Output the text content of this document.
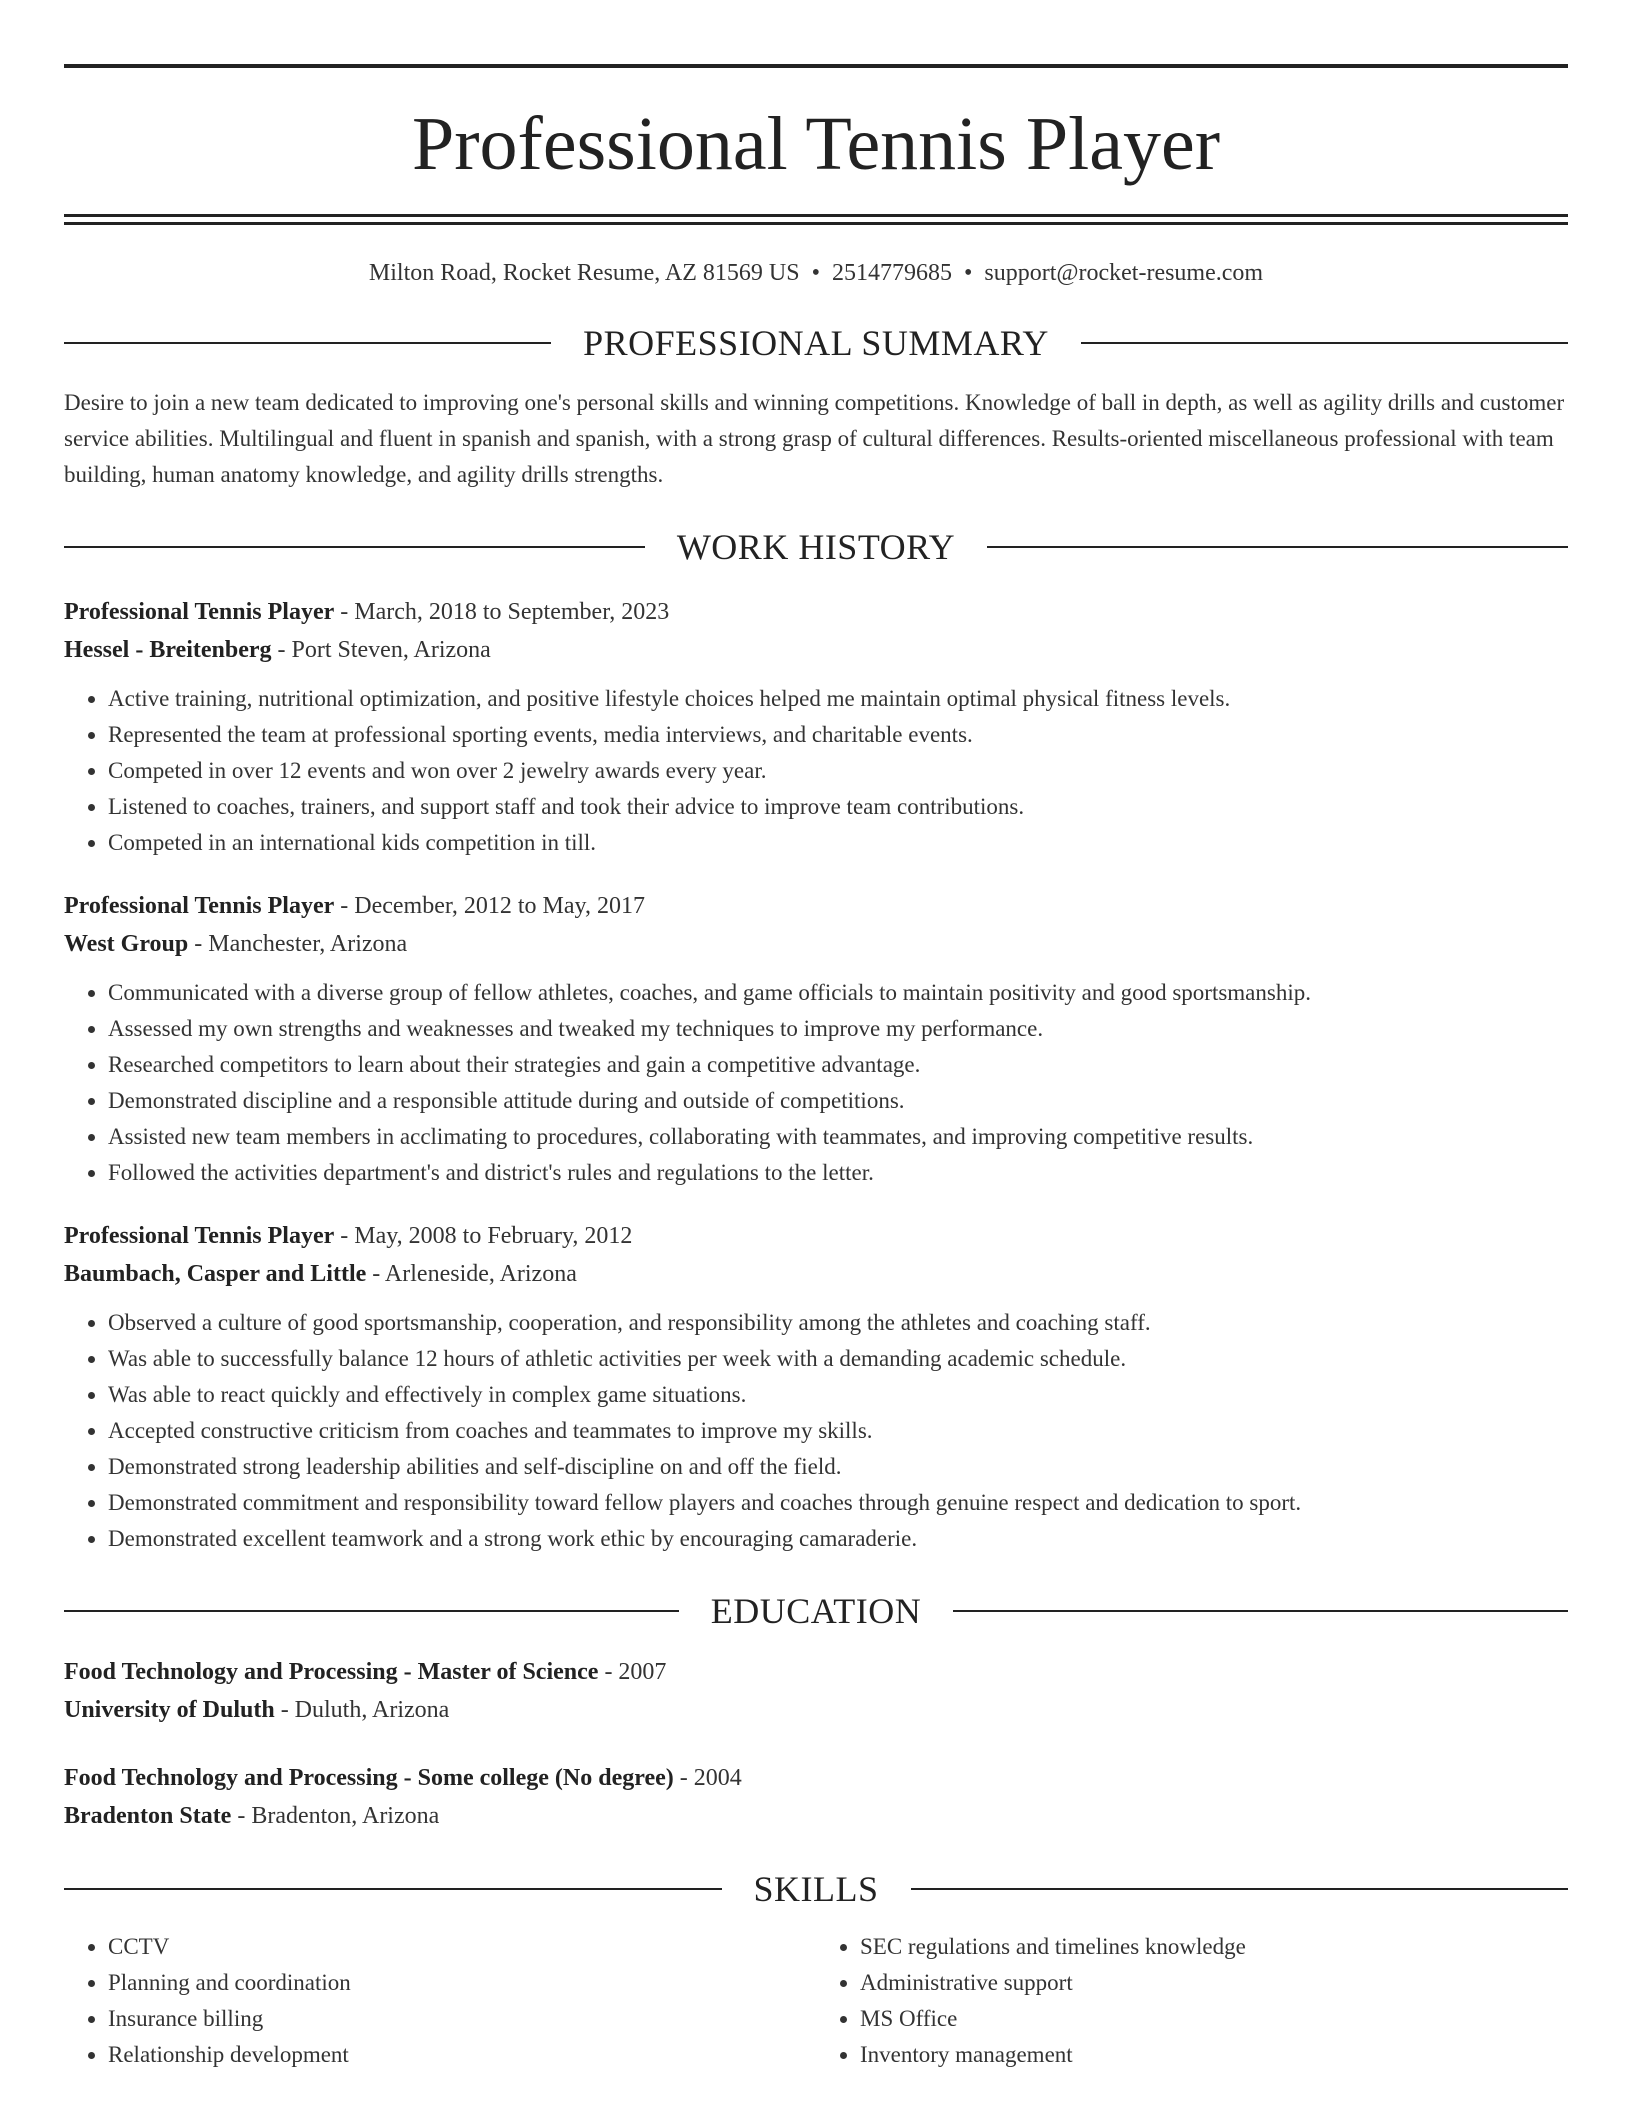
Professional Tennis Player
Milton Road, Rocket Resume, AZ 81569 US • 2514779685 • support@rocket-resume.com
PROFESSIONAL SUMMARY
Desire to join a new team dedicated to improving one's personal skills and winning competitions. Knowledge of ball in depth, as well as agility drills and customer service abilities. Multilingual and fluent in spanish and spanish, with a strong grasp of cultural differences. Results-oriented miscellaneous professional with team building, human anatomy knowledge, and agility drills strengths.
WORK HISTORY
Professional Tennis Player - March, 2018 to September, 2023
Hessel - Breitenberg - Port Steven, Arizona
• Active training, nutritional optimization, and positive lifestyle choices helped me maintain optimal physical fitness levels.
• Represented the team at professional sporting events, media interviews, and charitable events.
• Competed in over 12 events and won over 2 jewelry awards every year.
• Listened to coaches, trainers, and support staff and took their advice to improve team contributions.
• Competed in an international kids competition in till.
Professional Tennis Player - December, 2012 to May, 2017
West Group - Manchester, Arizona
• Communicated with a diverse group of fellow athletes, coaches, and game officials to maintain positivity and good sportsmanship.
• Assessed my own strengths and weaknesses and tweaked my techniques to improve my performance.
• Researched competitors to learn about their strategies and gain a competitive advantage.
• Demonstrated discipline and a responsible attitude during and outside of competitions.
• Assisted new team members in acclimating to procedures, collaborating with teammates, and improving competitive results.
• Followed the activities department's and district's rules and regulations to the letter.
Professional Tennis Player - May, 2008 to February, 2012
Baumbach, Casper and Little - Arleneside, Arizona
• Observed a culture of good sportsmanship, cooperation, and responsibility among the athletes and coaching staff.
• Was able to successfully balance 12 hours of athletic activities per week with a demanding academic schedule.
• Was able to react quickly and effectively in complex game situations.
• Accepted constructive criticism from coaches and teammates to improve my skills.
• Demonstrated strong leadership abilities and self-discipline on and off the field.
• Demonstrated commitment and responsibility toward fellow players and coaches through genuine respect and dedication to sport.
• Demonstrated excellent teamwork and a strong work ethic by encouraging camaraderie.
EDUCATION
Food Technology and Processing - Master of Science - 2007
University of Duluth - Duluth, Arizona
Food Technology and Processing - Some college (No degree) - 2004
Bradenton State - Bradenton, Arizona
SKILLS
• CCTV
• Planning and coordination
• Insurance billing
• Relationship development
• SEC regulations and timelines knowledge
• Administrative support
• MS Office
• Inventory management
